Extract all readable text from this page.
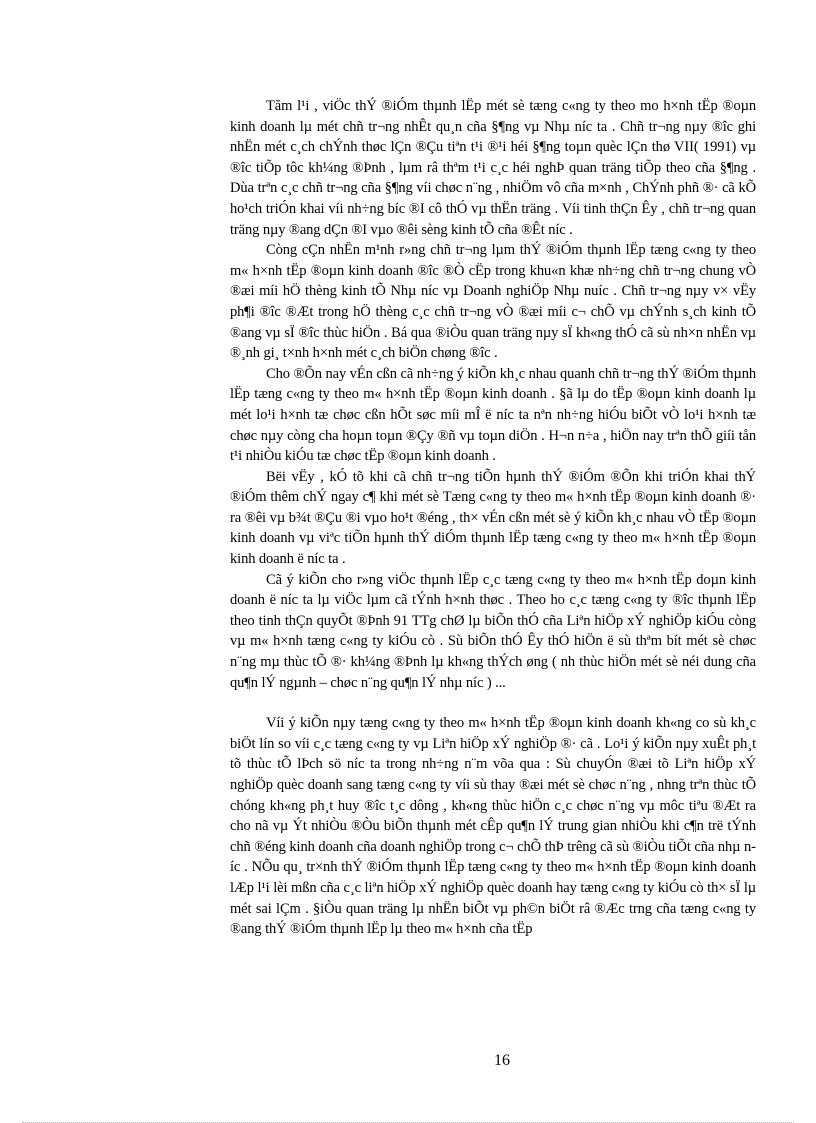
Tăm l¹i , viÖc thÝ ®iÓm thµnh lËp mét sè tæng c«ng ty theo mo h×nh tËp ®oµn kinh doanh lµ mét chñ tr¬ng nhÊt qu¸n cña §¶ng vµ Nhµ níc ta . Chñ tr¬ng nµy ®îc ghi nhËn mét c¸ch chÝnh thøc lÇn ®Çu tiªn t¹i ®¹i héi §¶ng toµn quèc lÇn thø VII( 1991) vµ ®îc tiÕp tôc kh¼ng ®Þnh , lµm râ thªm t¹i c¸c héi nghÞ quan träng tiÕp theo cña §¶ng . Dùa trªn c¸c chñ tr¬ng cña §¶ng víi chøc n¨ng , nhiÖm vô cña m×nh , ChÝnh phñ ®· cã kÕ ho¹ch triÓn khai víi nh÷ng bíc ®I cô thÓ vµ thËn träng . Víi tinh thÇn Êy , chñ tr¬ng quan träng nµy ®ang dÇn ®I vµo ®êi sèng kinh tÕ cña ®Êt níc .

Còng cÇn nhËn m¹nh r»ng chñ tr¬ng lµm thÝ ®iÓm thµnh lËp tæng c«ng ty theo m« h×nh tËp ®oµn kinh doanh ®îc ®Ò cËp trong khu«n khæ nh÷ng chñ tr¬ng chung vÒ ®æi míi hÖ thèng kinh tÕ Nhµ níc vµ Doanh nghiÖp Nhµ nuíc . Chñ tr¬ng nµy v× vËy ph¶i ®îc ®Æt trong hÖ thèng c¸c chñ tr¬ng vÒ ®æi míi c¬ chÕ vµ chÝnh s¸ch kinh tÕ ®ang vµ sÏ ®îc thùc hiÖn . Bá qua ®iÒu quan träng nµy sÏ kh«ng thÓ cã sù nh×n nhËn vµ ®¸nh gi¸ t×nh h×nh mét c¸ch biÖn chøng ®îc .

Cho ®Õn nay vÉn cßn cã nh÷ng ý kiÕn kh¸c nhau quanh chñ tr¬ng thÝ ®iÓm thµnh lËp tæng c«ng ty theo m« h×nh tËp ®oµn kinh doanh . §ã lµ do tËp ®oµn kinh doanh lµ mét lo¹i h×nh tæ chøc cßn hÕt søc míi mÎ ë níc ta nªn nh÷ng hiÓu biÕt vÒ lo¹i h×nh tæ chøc nµy còng cha hoµn toµn ®Çy ®ñ vµ toµn diÖn . H¬n n÷a , hiÖn nay trªn thÕ giíi tån t¹i nhiÒu kiÓu tæ chøc tËp ®oµn kinh doanh .

Bëi vËy , kÓ tõ khi cã chñ tr¬ng tiÕn hµnh thÝ ®iÓm ®Õn khi triÓn khai thÝ ®iÓm thêm chÝ ngay c¶ khi mét sè Tæng c«ng ty theo m« h×nh tËp ®oµn kinh doanh ®· ra ®êi vµ b¾t ®Çu ®i vµo ho¹t ®éng , th× vÉn cßn mét sè ý kiÕn kh¸c nhau vÒ tËp ®oµn kinh doanh vµ viªc tiÕn hµnh thÝ diÓm thµnh lËp tæng c«ng ty theo m« h×nh tËp ®oµn kinh doanh ë níc ta .

Cã ý kiÕn cho r»ng viÖc thµnh lËp c¸c tæng c«ng ty theo m« h×nh tËp doµn kinh doanh ë níc ta lµ viÖc lµm cã tÝnh h×nh thøc . Theo ho c¸c tæng c«ng ty ®îc thµnh lËp theo tinh thÇn quyÕt ®Þnh 91 TTg chØ lµ biÕn thÓ cña Liªn hiÖp xÝ nghiÖp kiÓu còng vµ m« h×nh tæng c«ng ty kiÓu cò . Sù biÕn thÓ Êy thÓ hiÖn ë sù thªm bít mét sè chøc n¨ng mµ thùc tÕ ®· kh¼ng ®Þnh lµ kh«ng thÝch øng ( nh thùc hiÖn mét sè néi dung cña qu¶n lÝ ngµnh – chøc n¨ng qu¶n lÝ nhµ níc ) ...

Víi ý kiÕn nµy tæng c«ng ty theo m« h×nh tËp ®oµn kinh doanh kh«ng co sù kh¸c biÖt lín so víi c¸c tæng c«ng ty vµ Liªn hiÖp xÝ nghiÖp ®· cã . Lo¹i ý kiÕn nµy xuÊt ph¸t tõ thùc tÕ lÞch sö níc ta trong nh÷ng n¨m võa qua : Sù chuyÓn ®æi tõ Liªn hiÖp xÝ nghiÖp quèc doanh sang tæng c«ng ty víi sù thay ®æi mét sè chøc n¨ng , nhng trªn thùc tÕ chóng kh«ng ph¸t huy ®îc t¸c dông , kh«ng thùc hiÖn c¸c chøc n¨ng vµ môc tiªu ®Æt ra cho nã vµ Ýt nhiÒu ®Òu biÕn thµnh mét cÊp qu¶n lÝ trung gian nhiÒu khi c¶n trë tÝnh chñ ®éng kinh doanh cña doanh nghiÖp trong c¬ chÕ thÞ trêng cã sù ®iÒu tiÕt cña nhµ níc . NÕu qu¸ tr×nh thÝ ®iÓm thµnh lËp tæng c«ng ty theo m« h×nh tËp ®oµn kinh doanh lÆp l¹i lèi mßn cña c¸c liªn hiÖp xÝ nghiÖp quèc doanh hay tæng c«ng ty kiÓu cò th× sÏ lµ mét sai lÇm . §iÒu quan träng lµ nhËn biÕt vµ ph©n biÖt râ ®Æc trng cña tæng c«ng ty ®ang thÝ ®iÓm thµnh lËp lµ theo m« h×nh cña tËp

16
